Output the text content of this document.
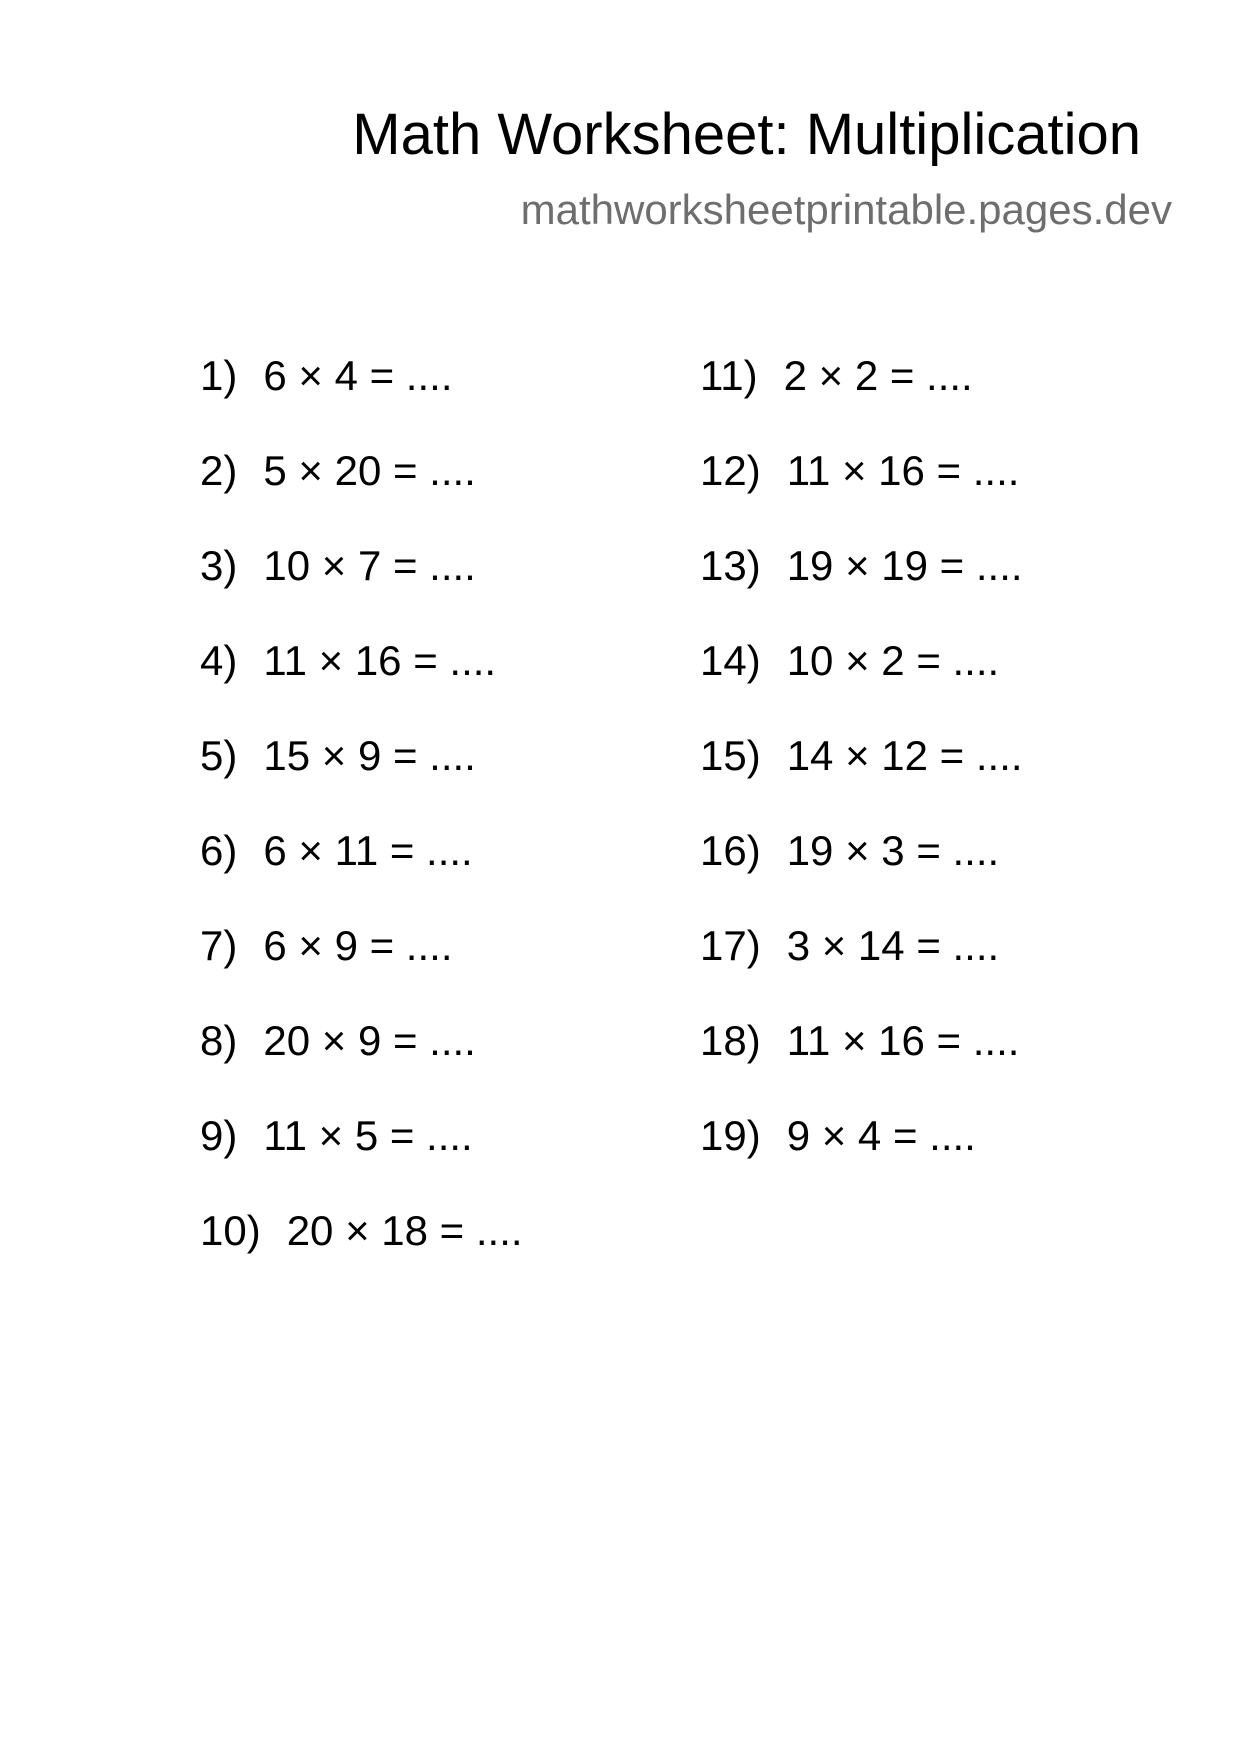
Math Worksheet: Multiplication
mathworksheetprintable.pages.dev
1) 6 × 4 = ....
2) 5 × 20 = ....
3) 10 × 7 = ....
4) 11 × 16 = ....
5) 15 × 9 = ....
6) 6 × 11 = ....
7) 6 × 9 = ....
8) 20 × 9 = ....
9) 11 × 5 = ....
10) 20 × 18 = ....
11) 2 × 2 = ....
12) 11 × 16 = ....
13) 19 × 19 = ....
14) 10 × 2 = ....
15) 14 × 12 = ....
16) 19 × 3 = ....
17) 3 × 14 = ....
18) 11 × 16 = ....
19) 9 × 4 = ....
